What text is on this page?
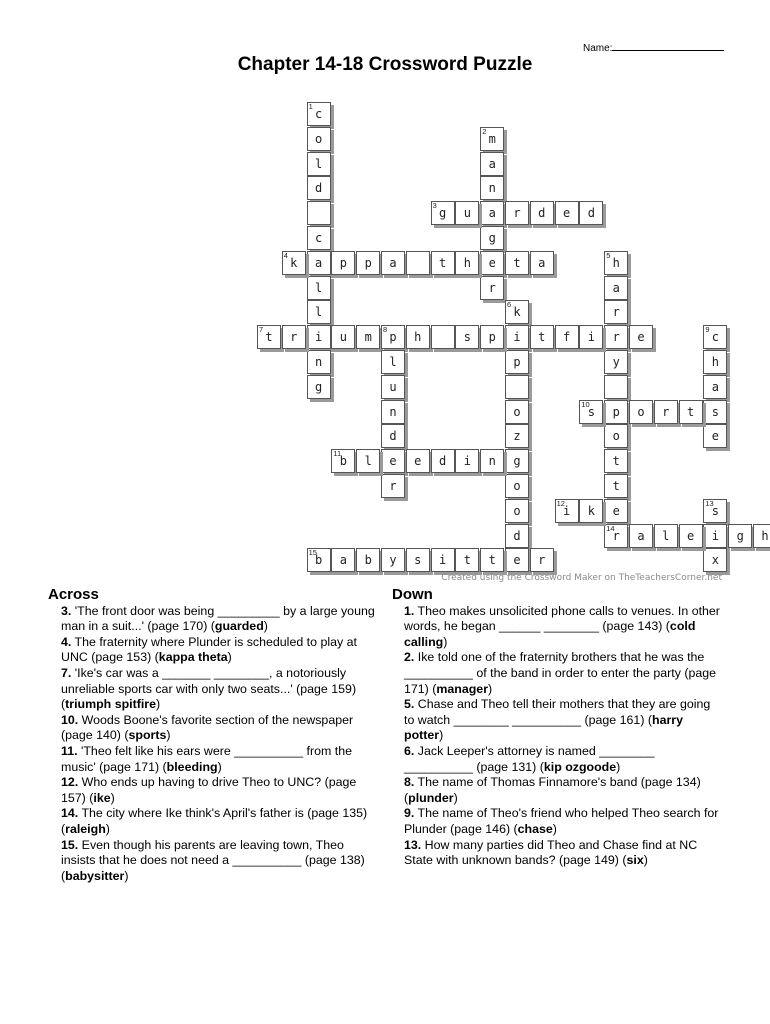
Name:
Chapter 14-18 Crossword Puzzle
1
c
o
l
d
c
a
l
l
i
n
g
2
m
a
n
a
g
e
r
3
g	u	r	d	e	d
4
k	p	p	a	t	h	t	a
5
h
a
r
r
y
p
o
t
t
e
14
r
6
k
i
p
o
z
g
o
o
d
e
7
t	r	u	m
8
p	h	s	p	t	f	i	e
l
u
n
d
e
r
9
c
h
a
s
e
10
s	o	r	t
11
b	l	e	d	i	n
12
i	k
13
s
i
x
a	l	e	g	h
15
b	a	b	y	s	i	t	t	r
Created using the Crossword Maker on TheTeachersCorner.net
Across
3. 'The front door was being _________ by a large young man in a suit...' (page 170) (guarded)
4. The fraternity where Plunder is scheduled to play at UNC (page 153) (kappa theta)
7. 'Ike's car was a _______ ________, a notoriously unreliable sports car with only two seats...' (page 159) (triumph spitfire)
10. Woods Boone's favorite section of the newspaper (page 140) (sports)
11. 'Theo felt like his ears were __________ from the music' (page 171) (bleeding)
12. Who ends up having to drive Theo to UNC? (page 157) (ike)
14. The city where Ike think's April's father is (page 135) (raleigh)
15. Even though his parents are leaving town, Theo insists that he does not need a __________ (page 138) (babysitter)
Down
1. Theo makes unsolicited phone calls to venues. In other words, he began ______ ________ (page 143) (cold calling)
2. Ike told one of the fraternity brothers that he was the __________ of the band in order to enter the party (page 171) (manager)
5. Chase and Theo tell their mothers that they are going to watch ________ __________ (page 161) (harry potter)
6. Jack Leeper's attorney is named ________ __________ (page 131) (kip ozgoode)
8. The name of Thomas Finnamore's band (page 134) (plunder)
9. The name of Theo's friend who helped Theo search for Plunder (page 146) (chase)
13. How many parties did Theo and Chase find at NC State with unknown bands? (page 149) (six)
